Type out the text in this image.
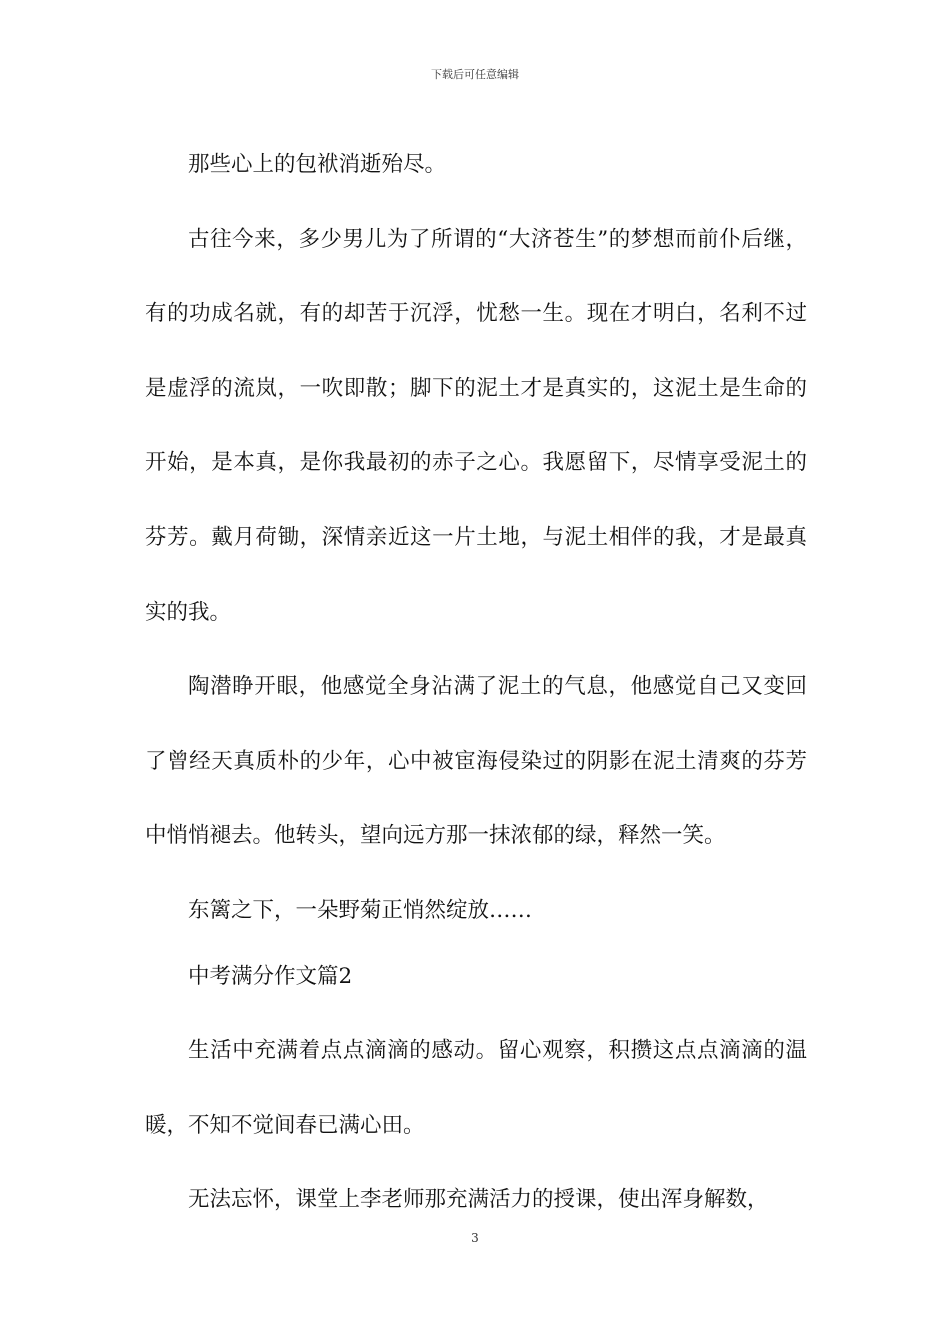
下载后可任意编辑

那些心上的包袱消逝殆尽。

古往今来，多少男儿为了所谓的“大济苍生”的梦想而前仆后继，有的功成名就，有的却苦于沉浮，忧愁一生。现在才明白，名利不过是虚浮的流岚，一吹即散；脚下的泥土才是真实的，这泥土是生命的开始，是本真，是你我最初的赤子之心。我愿留下，尽情享受泥土的芬芳。戴月荷锄，深情亲近这一片土地，与泥土相伴的我，才是最真实的我。

陶潜睁开眼，他感觉全身沾满了泥土的气息，他感觉自己又变回了曾经天真质朴的少年，心中被宦海侵染过的阴影在泥土清爽的芬芳中悄悄褪去。他转头，望向远方那一抹浓郁的绿，释然一笑。

东篱之下，一朵野菊正悄然绽放……

中考满分作文篇2

生活中充满着点点滴滴的感动。留心观察，积攒这点点滴滴的温暖，不知不觉间春已满心田。

无法忘怀，课堂上李老师那充满活力的授课，使出浑身解数，

3
